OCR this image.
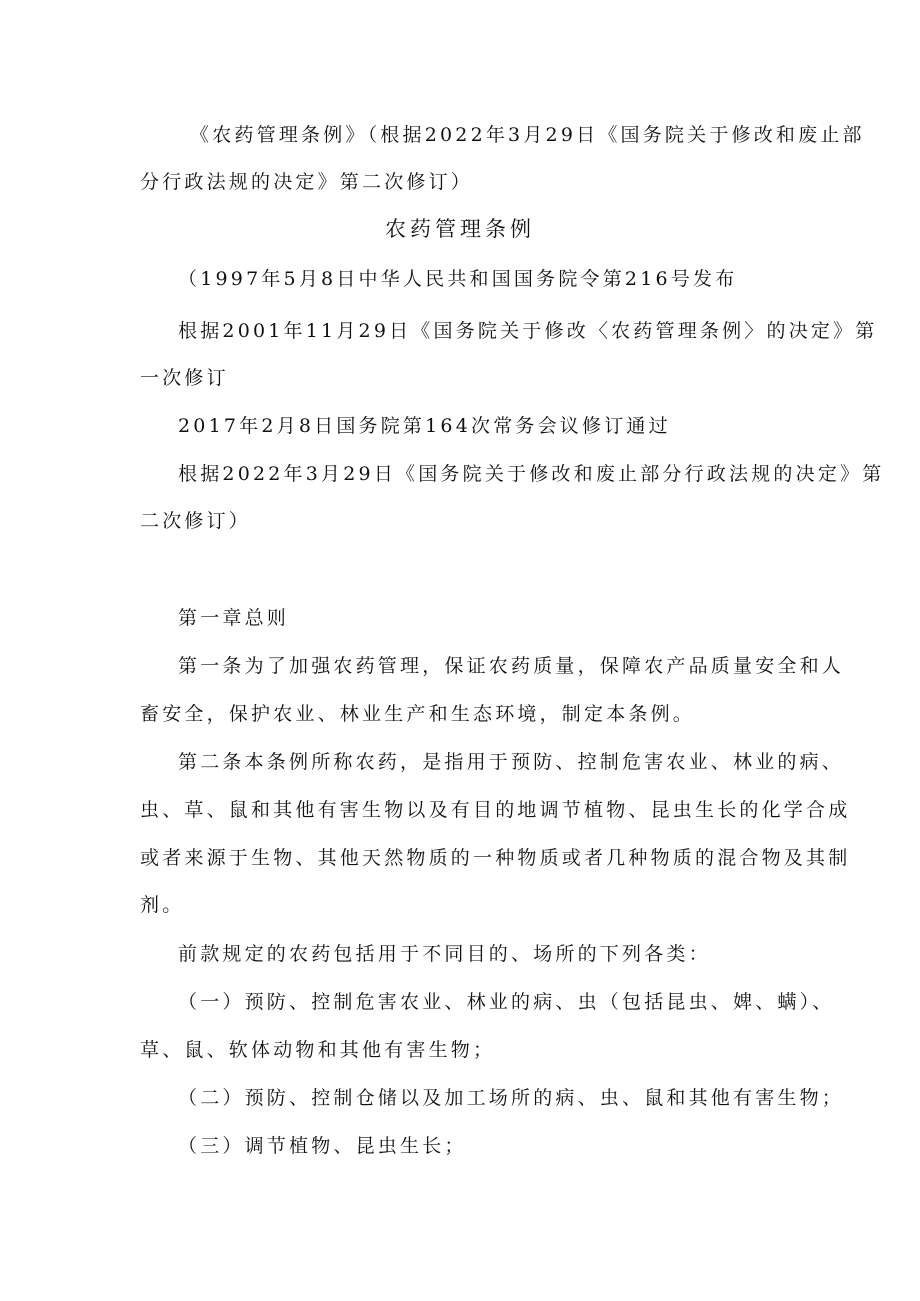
《农药管理条例》（根据2022年3月29日《国务院关于修改和废止部
分行政法规的决定》第二次修订）
农药管理条例
（1997年5月8日中华人民共和国国务院令第216号发布
根据2001年11月29日《国务院关于修改〈农药管理条例〉的决定》第
一次修订
2017年2月8日国务院第164次常务会议修订通过
根据2022年3月29日《国务院关于修改和废止部分行政法规的决定》第
二次修订）
第一章总则
第一条为了加强农药管理，保证农药质量，保障农产品质量安全和人
畜安全，保护农业、林业生产和生态环境，制定本条例。
第二条本条例所称农药，是指用于预防、控制危害农业、林业的病、
虫、草、鼠和其他有害生物以及有目的地调节植物、昆虫生长的化学合成
或者来源于生物、其他天然物质的一种物质或者几种物质的混合物及其制
剂。
前款规定的农药包括用于不同目的、场所的下列各类：
（一）预防、控制危害农业、林业的病、虫（包括昆虫、婢、螨）、
草、鼠、软体动物和其他有害生物；
（二）预防、控制仓储以及加工场所的病、虫、鼠和其他有害生物；
（三）调节植物、昆虫生长；
